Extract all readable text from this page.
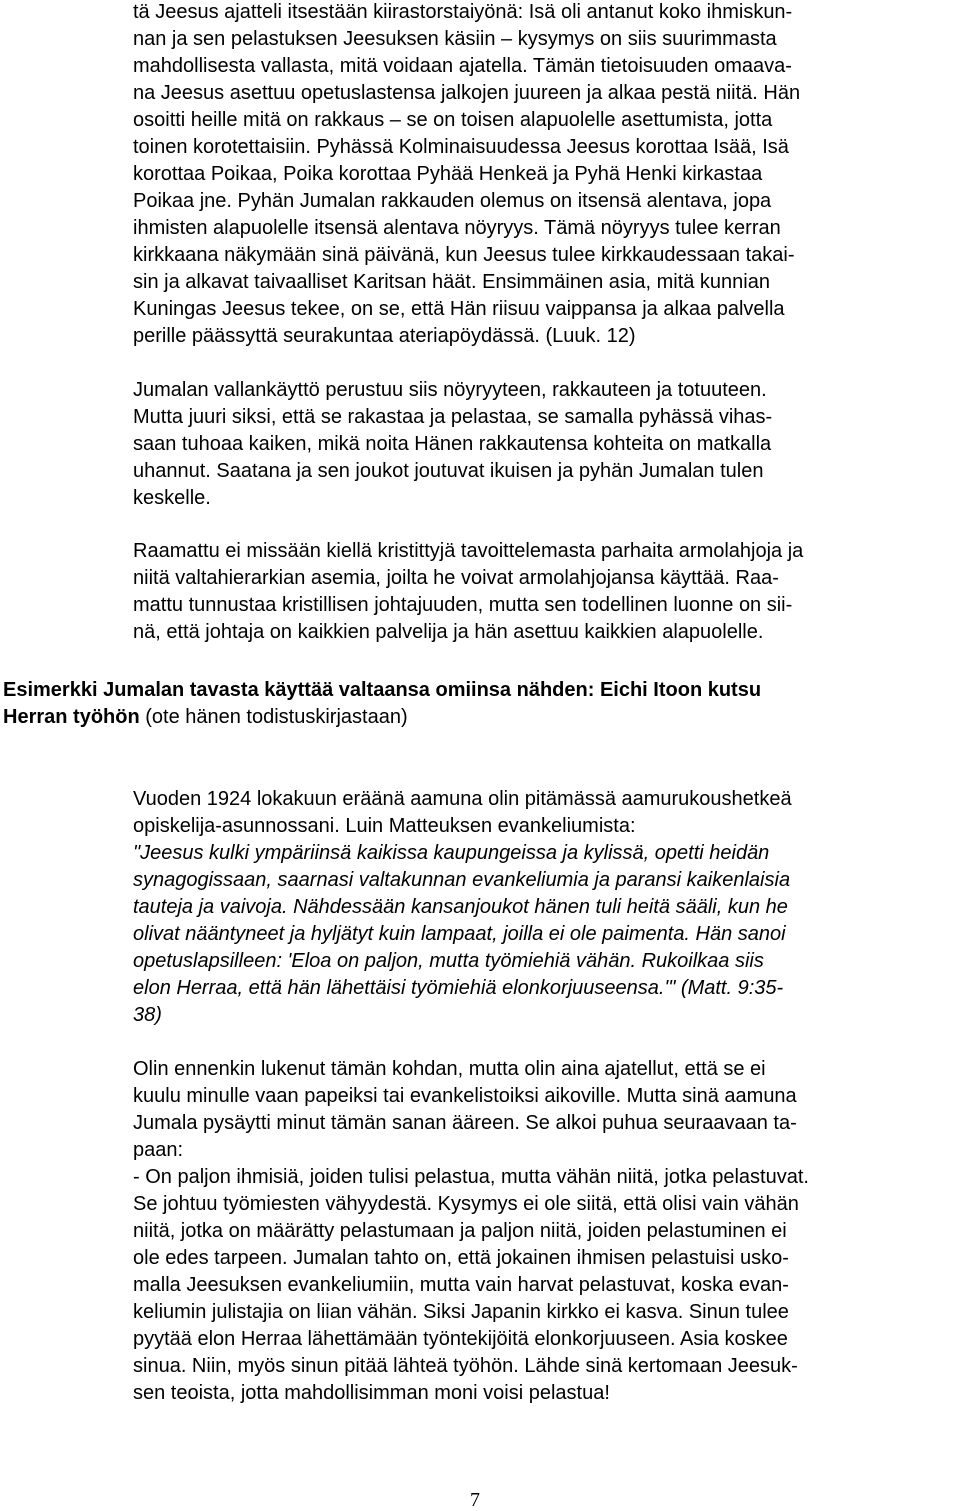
tä Jeesus ajatteli itsestään kiirastorstaiyönä: Isä oli antanut koko ihmiskun-
nan ja sen pelastuksen Jeesuksen käsiin – kysymys on siis suurimmasta
mahdollisesta vallasta, mitä voidaan ajatella. Tämän tietoisuuden omaava-
na Jeesus asettuu opetuslastensa jalkojen juureen ja alkaa pestä niitä. Hän
osoitti heille mitä on rakkaus – se on toisen alapuolelle asettumista, jotta
toinen korotettaisiin. Pyhässä Kolminaisuudessa Jeesus korottaa Isää, Isä
korottaa Poikaa, Poika korottaa Pyhää Henkeä ja Pyhä Henki kirkastaa
Poikaa jne. Pyhän Jumalan rakkauden olemus on itsensä alentava, jopa
ihmisten alapuolelle itsensä alentava nöyryys. Tämä nöyryys tulee kerran
kirkkaana näkymään sinä päivänä, kun Jeesus tulee kirkkaudessaan takai-
sin ja alkavat taivaalliset Karitsan häät. Ensimmäinen asia, mitä kunnian
Kuningas Jeesus tekee, on se, että Hän riisuu vaippansa ja alkaa palvella
perille päässyttä seurakuntaa ateriapöydässä. (Luuk. 12)
Jumalan vallankäyttö perustuu siis nöyryyteen, rakkauteen ja totuuteen.
Mutta juuri siksi, että se rakastaa ja pelastaa, se samalla pyhässä vihas-
saan tuhoaa kaiken, mikä noita Hänen rakkautensa kohteita on matkalla
uhannut. Saatana ja sen joukot joutuvat ikuisen ja pyhän Jumalan tulen
keskelle.
Raamattu ei missään kiellä kristittyjä tavoittelemasta parhaita armolahjoja ja
niitä valtahierarkian asemia, joilta he voivat armolahjojansa käyttää. Raa-
mattu tunnustaa kristillisen johtajuuden, mutta sen todellinen luonne on sii-
nä, että johtaja on kaikkien palvelija ja hän asettuu kaikkien alapuolelle.
Esimerkki Jumalan tavasta käyttää valtaansa omiinsa nähden: Eichi Itoon kutsu
Herran työhön (ote hänen todistuskirjastaan)
Vuoden 1924 lokakuun eräänä aamuna olin pitämässä aamurukoushetkeä
opiskelija-asunnossani. Luin Matteuksen evankeliumista:
"Jeesus kulki ympäriinsä kaikissa kaupungeissa ja kylissä, opetti heidän
synagogissaan, saarnasi valtakunnan evankeliumia ja paransi kaikenlaisia
tauteja ja vaivoja. Nähdessään kansanjoukot hänen tuli heitä sääli, kun he
olivat nääntyneet ja hyljätyt kuin lampaat, joilla ei ole paimenta. Hän sanoi
opetuslapsilleen: 'Eloa on paljon, mutta työmiehiä vähän. Rukoilkaa siis
elon Herraa, että hän lähettäisi työmiehiä elonkorjuuseensa.'" (Matt. 9:35-
38)
Olin ennenkin lukenut tämän kohdan, mutta olin aina ajatellut, että se ei
kuulu minulle vaan papeiksi tai evankelistoiksi aikoville. Mutta sinä aamuna
Jumala pysäytti minut tämän sanan ääreen. Se alkoi puhua seuraavaan ta-
paan:
- On paljon ihmisiä, joiden tulisi pelastua, mutta vähän niitä, jotka pelastuvat.
Se johtuu työmiesten vähyydestä. Kysymys ei ole siitä, että olisi vain vähän
niitä, jotka on määrätty pelastumaan ja paljon niitä, joiden pelastuminen ei
ole edes tarpeen. Jumalan tahto on, että jokainen ihmisen pelastuisi usko-
malla Jeesuksen evankeliumiin, mutta vain harvat pelastuvat, koska evan-
keliumin julistajia on liian vähän. Siksi Japanin kirkko ei kasva. Sinun tulee
pyytää elon Herraa lähettämään työntekijöitä elonkorjuuseen. Asia koskee
sinua. Niin, myös sinun pitää lähteä työhön. Lähde sinä kertomaan Jeesuk-
sen teoista, jotta mahdollisimman moni voisi pelastua!
7
